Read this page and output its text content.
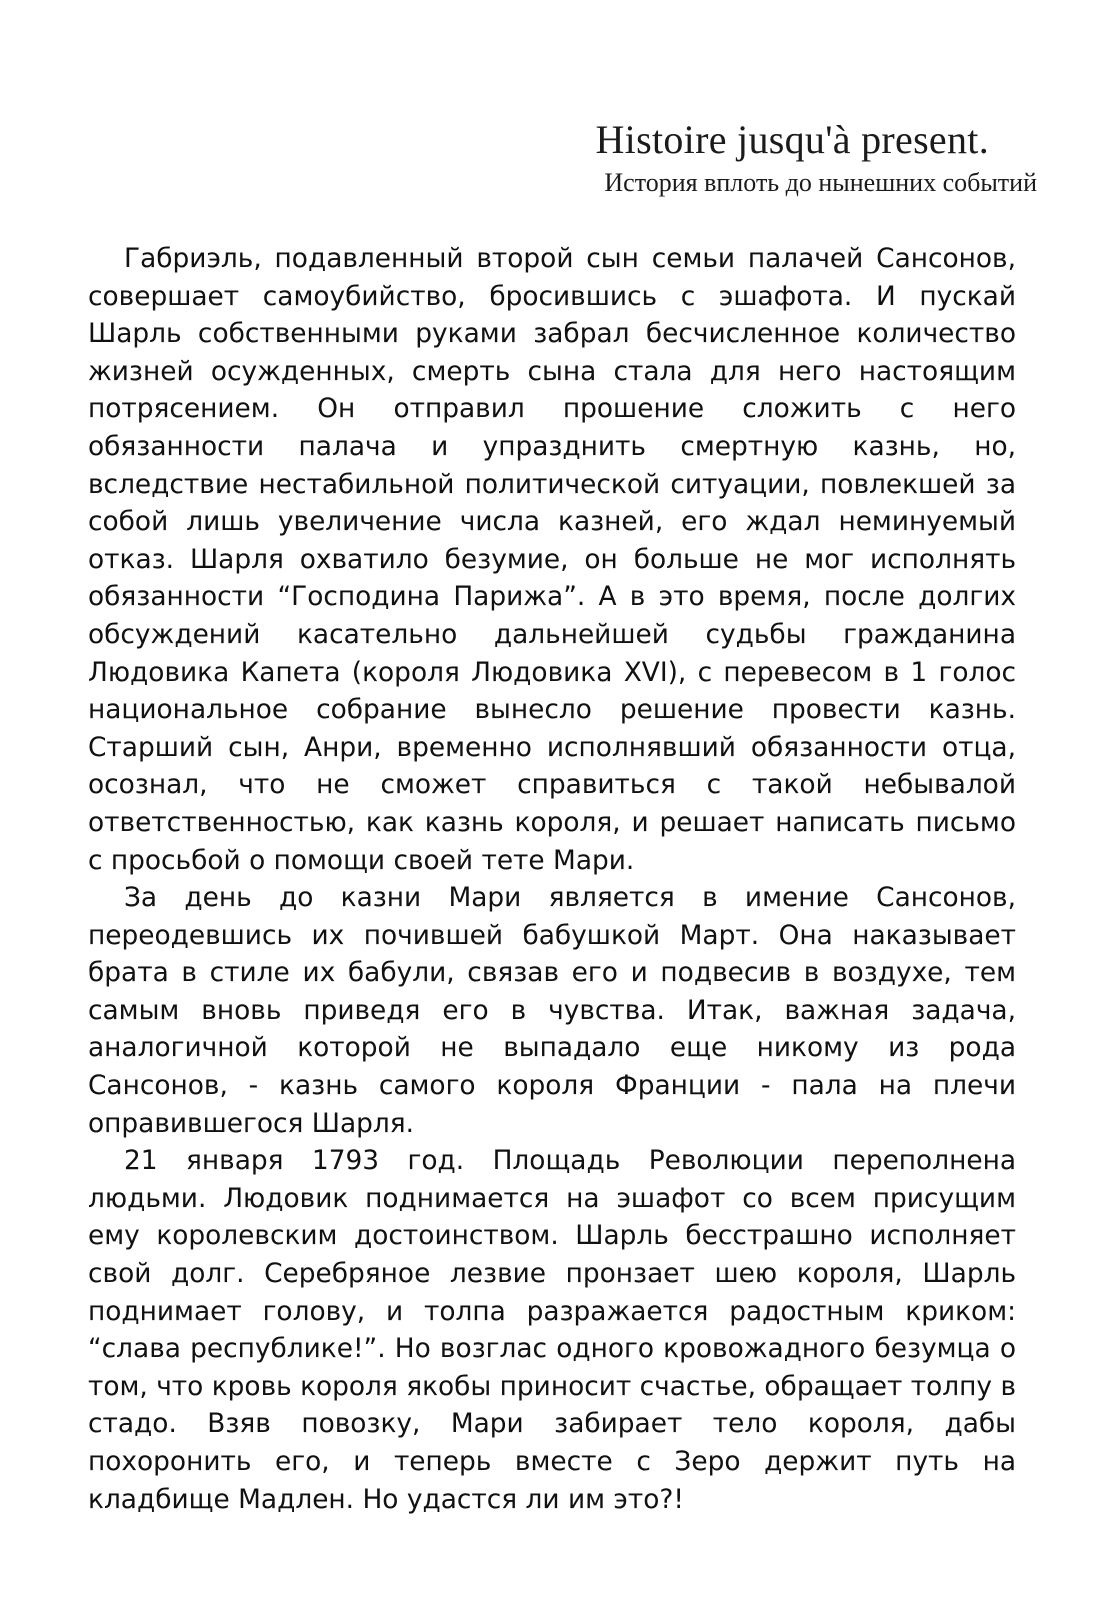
Histoire jusqu'à present.
История вплоть до нынешних событий

Габриэль, подавленный второй сын семьи палачей Сансонов, совершает самоубийство, бросившись с эшафота. И пускай Шарль собственными руками забрал бесчисленное количество жизней осужденных, смерть сына стала для него настоящим потрясением. Он отправил прошение сложить с него обязанности палача и упразднить смертную казнь, но, вследствие нестабильной политической ситуации, повлекшей за собой лишь увеличение числа казней, его ждал неминуемый отказ. Шарля охватило безумие, он больше не мог исполнять обязанности “Господина Парижа”. А в это время, после долгих обсуждений касательно дальнейшей судьбы гражданина Людовика Капета (короля Людовика XVI), с перевесом в 1 голос национальное собрание вынесло решение провести казнь. Старший сын, Анри, временно исполнявший обязанности отца, осознал, что не сможет справиться с такой небывалой ответственностью, как казнь короля, и решает написать письмо с просьбой о помощи своей тете Мари.

За день до казни Мари является в имение Сансонов, переодевшись их почившей бабушкой Март. Она наказывает брата в стиле их бабули, связав его и подвесив в воздухе, тем самым вновь приведя его в чувства. Итак, важная задача, аналогичной которой не выпадало еще никому из рода Сансонов, - казнь самого короля Франции - пала на плечи оправившегося Шарля.

21 января 1793 год. Площадь Революции переполнена людьми. Людовик поднимается на эшафот со всем присущим ему королевским достоинством. Шарль бесстрашно исполняет свой долг. Серебряное лезвие пронзает шею короля, Шарль поднимает голову, и толпа разражается радостным криком: “слава республике!”. Но возглас одного кровожадного безумца о том, что кровь короля якобы приносит счастье, обращает толпу в стадо. Взяв повозку, Мари забирает тело короля, дабы похоронить его, и теперь вместе с Зеро держит путь на кладбище Мадлен. Но удастся ли им это?!
